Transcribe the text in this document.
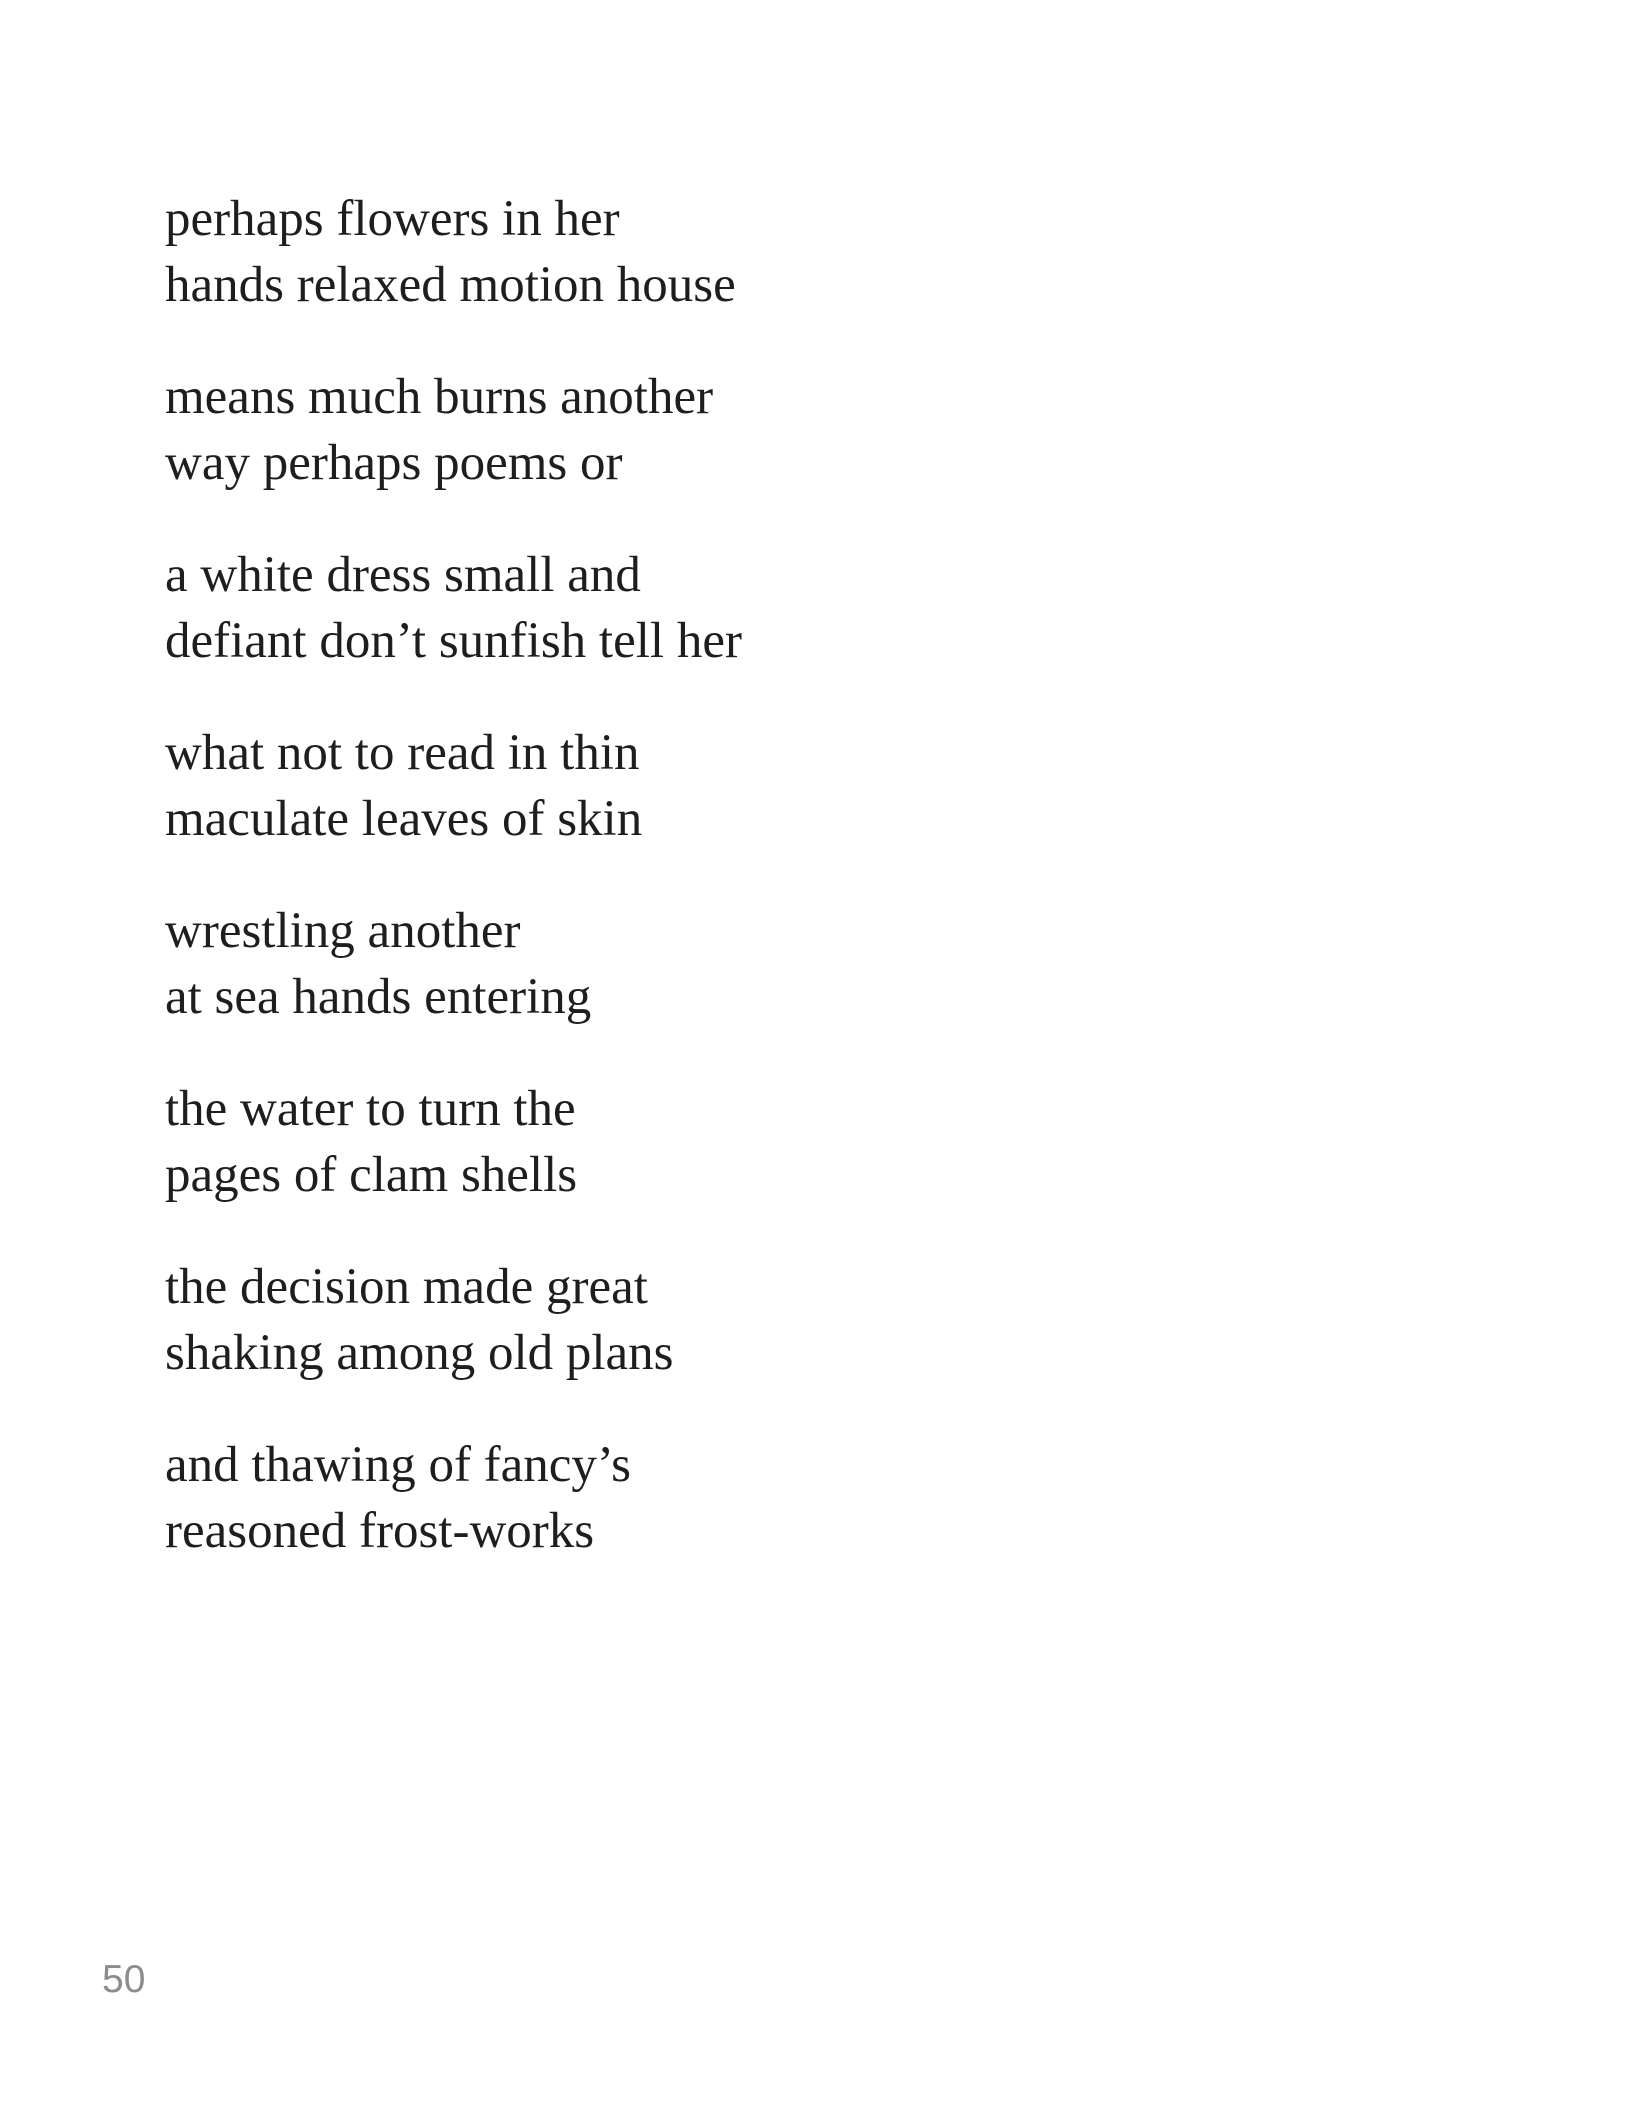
perhaps flowers in her
hands relaxed motion house

means much burns another
way perhaps poems or

a white dress small and
defiant don’t sunfish tell her

what not to read in thin
maculate leaves of skin

wrestling another
at sea hands entering

the water to turn the
pages of clam shells

the decision made great
shaking among old plans

and thawing of fancy’s
reasoned frost-works

50
